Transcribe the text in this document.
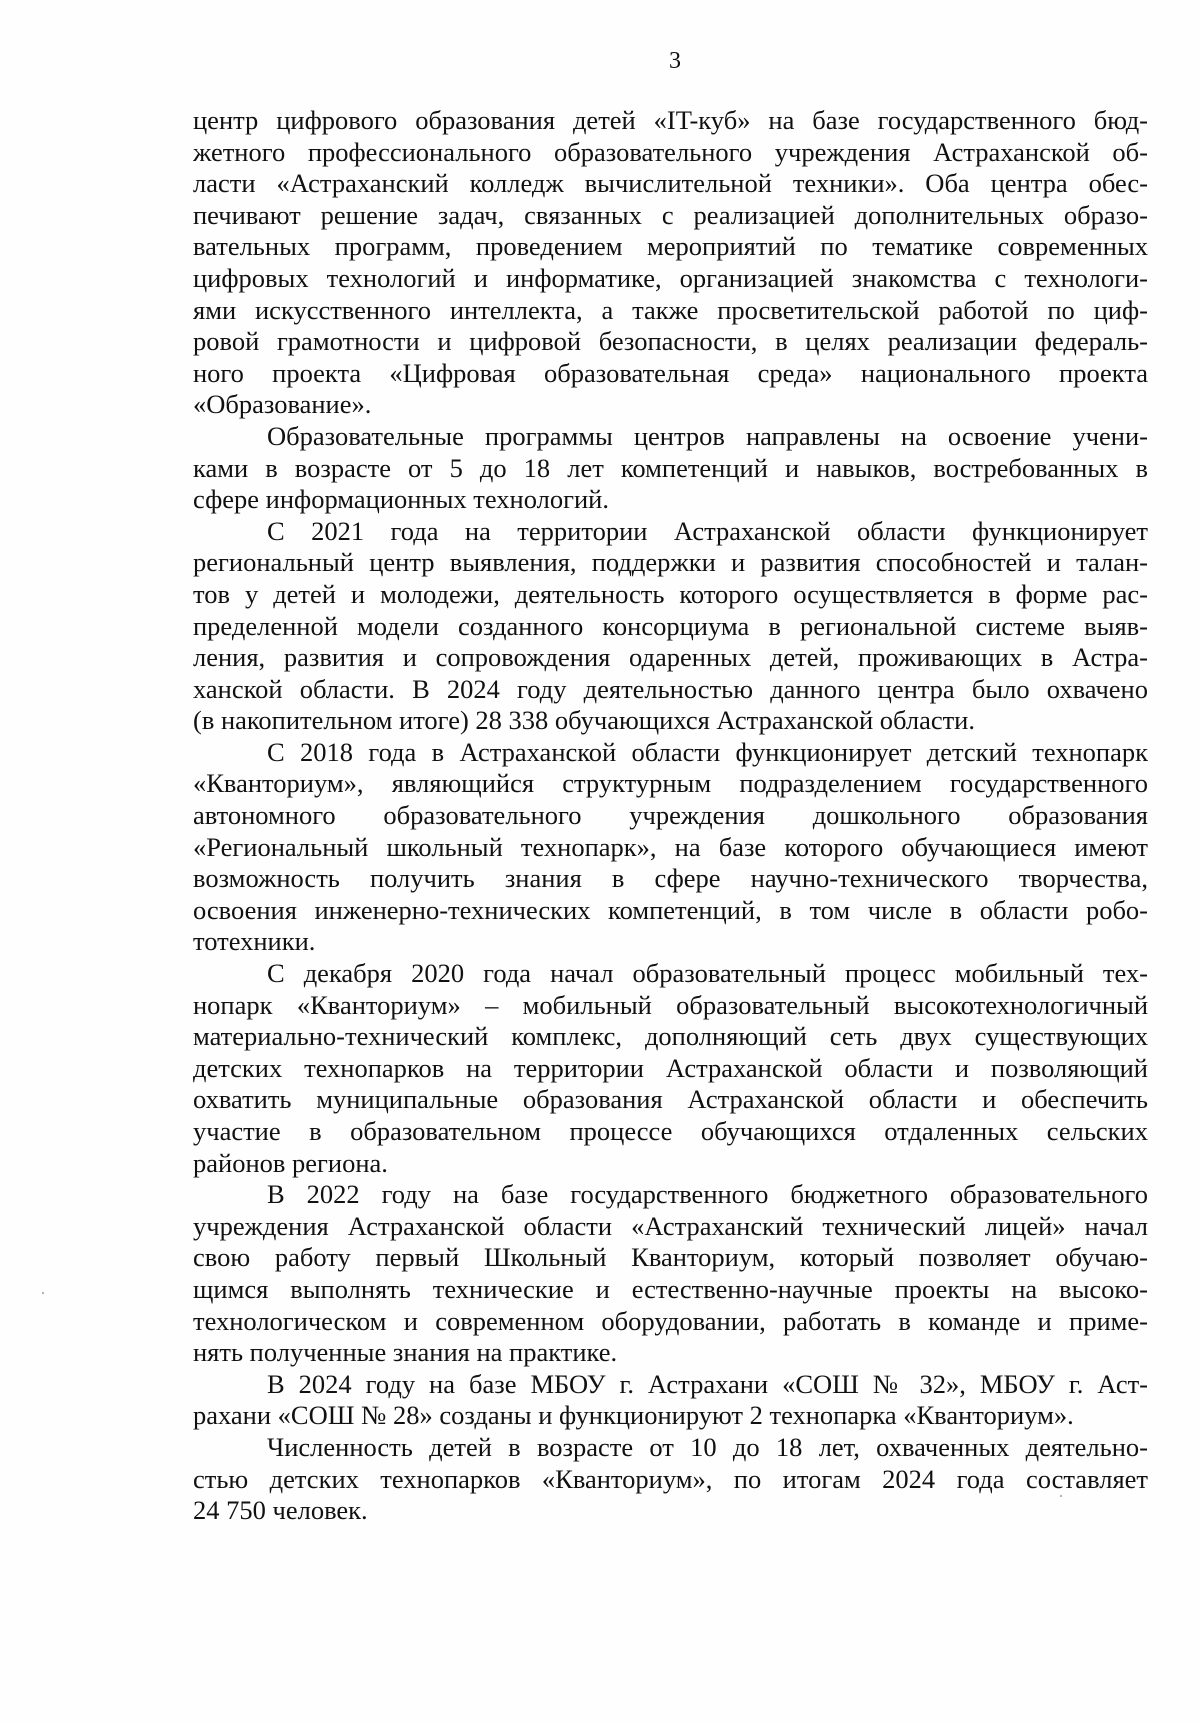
3
центр цифрового образования детей «IT-куб» на базе государственного бюд-
жетного профессионального образовательного учреждения Астраханской об-
ласти «Астраханский колледж вычислительной техники». Оба центра обес-
печивают решение задач, связанных с реализацией дополнительных образо-
вательных программ, проведением мероприятий по тематике современных
цифровых технологий и информатике, организацией знакомства с технологи-
ями искусственного интеллекта, а также просветительской работой по циф-
ровой грамотности и цифровой безопасности, в целях реализации федераль-
ного проекта «Цифровая образовательная среда» национального проекта
«Образование».
Образовательные программы центров направлены на освоение учени-
ками в возрасте от 5 до 18 лет компетенций и навыков, востребованных в
сфере информационных технологий.
С 2021 года на территории Астраханской области функционирует
региональный центр выявления, поддержки и развития способностей и талан-
тов у детей и молодежи, деятельность которого осуществляется в форме рас-
пределенной модели созданного консорциума в региональной системе выяв-
ления, развития и сопровождения одаренных детей, проживающих в Астра-
ханской области. В 2024 году деятельностью данного центра было охвачено
(в накопительном итоге) 28 338 обучающихся Астраханской области.
С 2018 года в Астраханской области функционирует детский технопарк
«Кванториум», являющийся структурным подразделением государственного
автономного образовательного учреждения дошкольного образования
«Региональный школьный технопарк», на базе которого обучающиеся имеют
возможность получить знания в сфере научно-технического творчества,
освоения инженерно-технических компетенций, в том числе в области робо-
тотехники.
С декабря 2020 года начал образовательный процесс мобильный тех-
нопарк «Кванториум» – мобильный образовательный высокотехнологичный
материально-технический комплекс, дополняющий сеть двух существующих
детских технопарков на территории Астраханской области и позволяющий
охватить муниципальные образования Астраханской области и обеспечить
участие в образовательном процессе обучающихся отдаленных сельских
районов региона.
В 2022 году на базе государственного бюджетного образовательного
учреждения Астраханской области «Астраханский технический лицей» начал
свою работу первый Школьный Кванториум, который позволяет обучаю-
щимся выполнять технические и естественно-научные проекты на высоко-
технологическом и современном оборудовании, работать в команде и приме-
нять полученные знания на практике.
В 2024 году на базе МБОУ г. Астрахани «СОШ № 32», МБОУ г. Аст-
рахани «СОШ № 28» созданы и функционируют 2 технопарка «Кванториум».
Численность детей в возрасте от 10 до 18 лет, охваченных деятельно-
стью детских технопарков «Кванториум», по итогам 2024 года составляет
24 750 человек.
